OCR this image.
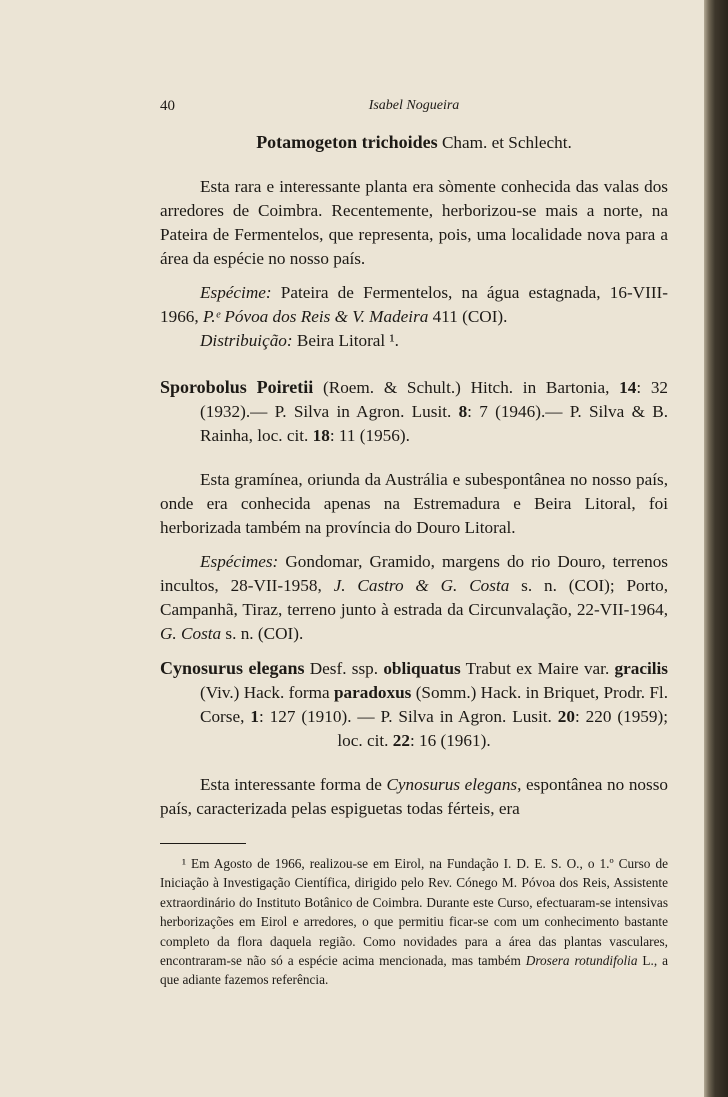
40	Isabel Nogueira
Potamogeton trichoides Cham. et Schlecht.
Esta rara e interessante planta era sòmente conhecida das valas dos arredores de Coimbra. Recentemente, herborizou-se mais a norte, na Pateira de Fermentelos, que representa, pois, uma localidade nova para a área da espécie no nosso país.
Espécime: Pateira de Fermentelos, na água estagnada, 16-VIII-1966, P.ᵉ Póvoa dos Reis & V. Madeira 411 (COI).
Distribuição: Beira Litoral ¹.
Sporobolus Poiretii (Roem. & Schult.) Hitch. in Bartonia, 14: 32 (1932).— P. Silva in Agron. Lusit. 8: 7 (1946).— P. Silva & B. Rainha, loc. cit. 18: 11 (1956).
Esta gramínea, oriunda da Austrália e subespontânea no nosso país, onde era conhecida apenas na Estremadura e Beira Litoral, foi herborizada também na província do Douro Litoral.
Espécimes: Gondomar, Gramido, margens do rio Douro, terrenos incultos, 28-VII-1958, J. Castro & G. Costa s. n. (COI); Porto, Campanhã, Tiraz, terreno junto à estrada da Circunvalação, 22-VII-1964, G. Costa s. n. (COI).
Cynosurus elegans Desf. ssp. obliquatus Trabut ex Maire var. gracilis (Viv.) Hack. forma paradoxus (Somm.) Hack. in Briquet, Prodr. Fl. Corse, 1: 127 (1910). — P. Silva in Agron. Lusit. 20: 220 (1959);
loc. cit. 22: 16 (1961).
Esta interessante forma de Cynosurus elegans, espontânea no nosso país, caracterizada pelas espiguetas todas férteis, era
¹ Em Agosto de 1966, realizou-se em Eirol, na Fundação I. D. E. S. O., o 1.º Curso de Iniciação à Investigação Científica, dirigido pelo Rev. Cónego M. Póvoa dos Reis, Assistente extraordinário do Instituto Botânico de Coimbra. Durante este Curso, efectuaram-se intensivas herborizações em Eirol e arredores, o que permitiu ficar-se com um conhecimento bastante completo da flora daquela região. Como novidades para a área das plantas vasculares, encontraram-se não só a espécie acima mencionada, mas também Drosera rotundifolia L., a que adiante fazemos referência.
